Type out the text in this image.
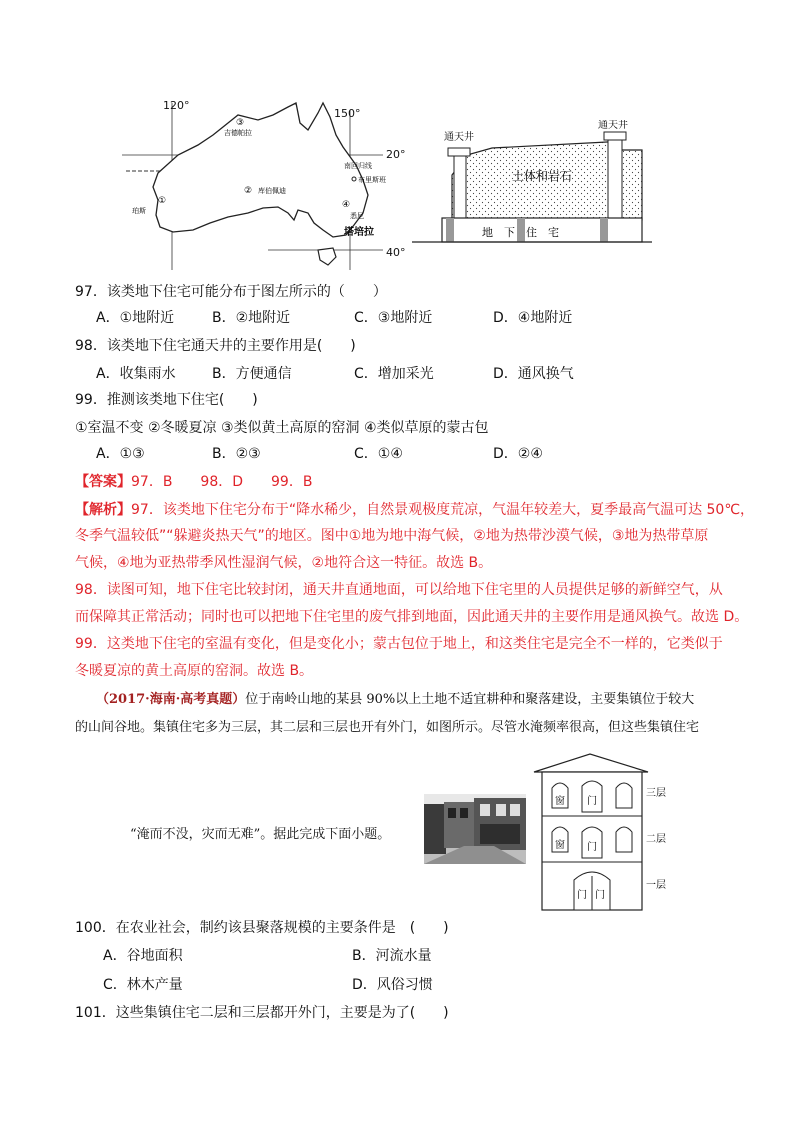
120°
150°
20°
40°
南回归线
③
吉德帕拉
② 库伯佩迪
①
珀斯
布里斯班
④
悉尼
塔培拉
通天井
通天井
土体和岩石
地　下　住　宅
97．该类地下住宅可能分布于图左所示的（　　）
A．①地附近	B．②地附近	C．③地附近	D．④地附近
98．该类地下住宅通天井的主要作用是(　　)
A．收集雨水	B．方便通信	C．增加采光	D．通风换气
99．推测该类地下住宅(　　)
①室温不变 ②冬暖夏凉 ③类似黄土高原的窑洞 ④类似草原的蒙古包
A．①③	B．②③	C．①④	D．②④
【答案】97．B　　98．D　　99．B
【解析】97．该类地下住宅分布于“降水稀少，自然景观极度荒凉，气温年较差大，夏季最高气温可达 50℃，
冬季气温较低”“躲避炎热天气”的地区。图中①地为地中海气候，②地为热带沙漠气候，③地为热带草原
气候，④地为亚热带季风性湿润气候，②地符合这一特征。故选 B。
98．读图可知，地下住宅比较封闭，通天井直通地面，可以给地下住宅里的人员提供足够的新鲜空气，从
而保障其正常活动；同时也可以把地下住宅里的废气排到地面，因此通天井的主要作用是通风换气。故选 D。
99．这类地下住宅的室温有变化，但是变化小；蒙古包位于地上，和这类住宅是完全不一样的，它类似于
冬暖夏凉的黄土高原的窑洞。故选 B。
（2017·海南·高考真题）位于南岭山地的某县 90%以上土地不适宜耕种和聚落建设，主要集镇位于较大
的山间谷地。集镇住宅多为三层，其二层和三层也开有外门，如图所示。尽管水淹频率很高，但这些集镇住宅
“淹而不没，灾而无难”。据此完成下面小题。
窗 门
窗 门
门 门
三层
二层
一层
100．在农业社会，制约该县聚落规模的主要条件是　(　　)
A．谷地面积	B．河流水量
C．林木产量	D．风俗习惯
101．这些集镇住宅二层和三层都开外门，主要是为了(　　)
